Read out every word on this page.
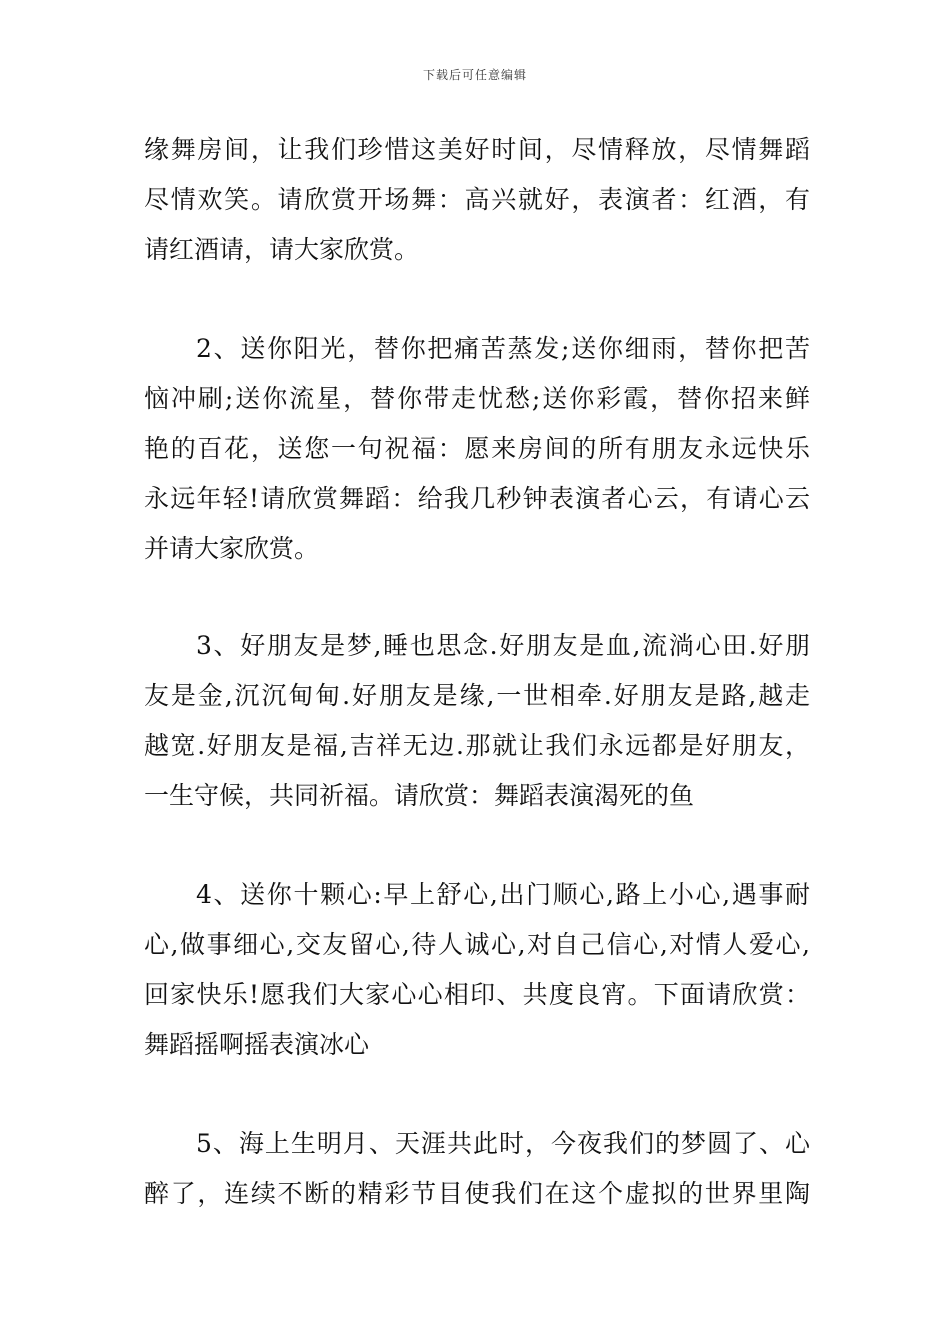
下载后可任意编辑
缘舞房间，让我们珍惜这美好时间，尽情释放，尽情舞蹈
尽情欢笑。请欣赏开场舞：高兴就好，表演者：红酒，有
请红酒请，请大家欣赏。
2、送你阳光，替你把痛苦蒸发;送你细雨，替你把苦
恼冲刷;送你流星，替你带走忧愁;送你彩霞，替你招来鲜
艳的百花，送您一句祝福：愿来房间的所有朋友永远快乐
永远年轻!请欣赏舞蹈：给我几秒钟表演者心云，有请心云
并请大家欣赏。
3、好朋友是梦,睡也思念.好朋友是血,流淌心田.好朋
友是金,沉沉甸甸.好朋友是缘,一世相牵.好朋友是路,越走
越宽.好朋友是福,吉祥无边.那就让我们永远都是好朋友，
一生守候，共同祈福。请欣赏：舞蹈表演渴死的鱼
4、送你十颗心:早上舒心,出门顺心,路上小心,遇事耐
心,做事细心,交友留心,待人诚心,对自己信心,对情人爱心,
回家快乐!愿我们大家心心相印、共度良宵。下面请欣赏：
舞蹈摇啊摇表演冰心
5、海上生明月、天涯共此时，今夜我们的梦圆了、心
醉了，连续不断的精彩节目使我们在这个虚拟的世界里陶
